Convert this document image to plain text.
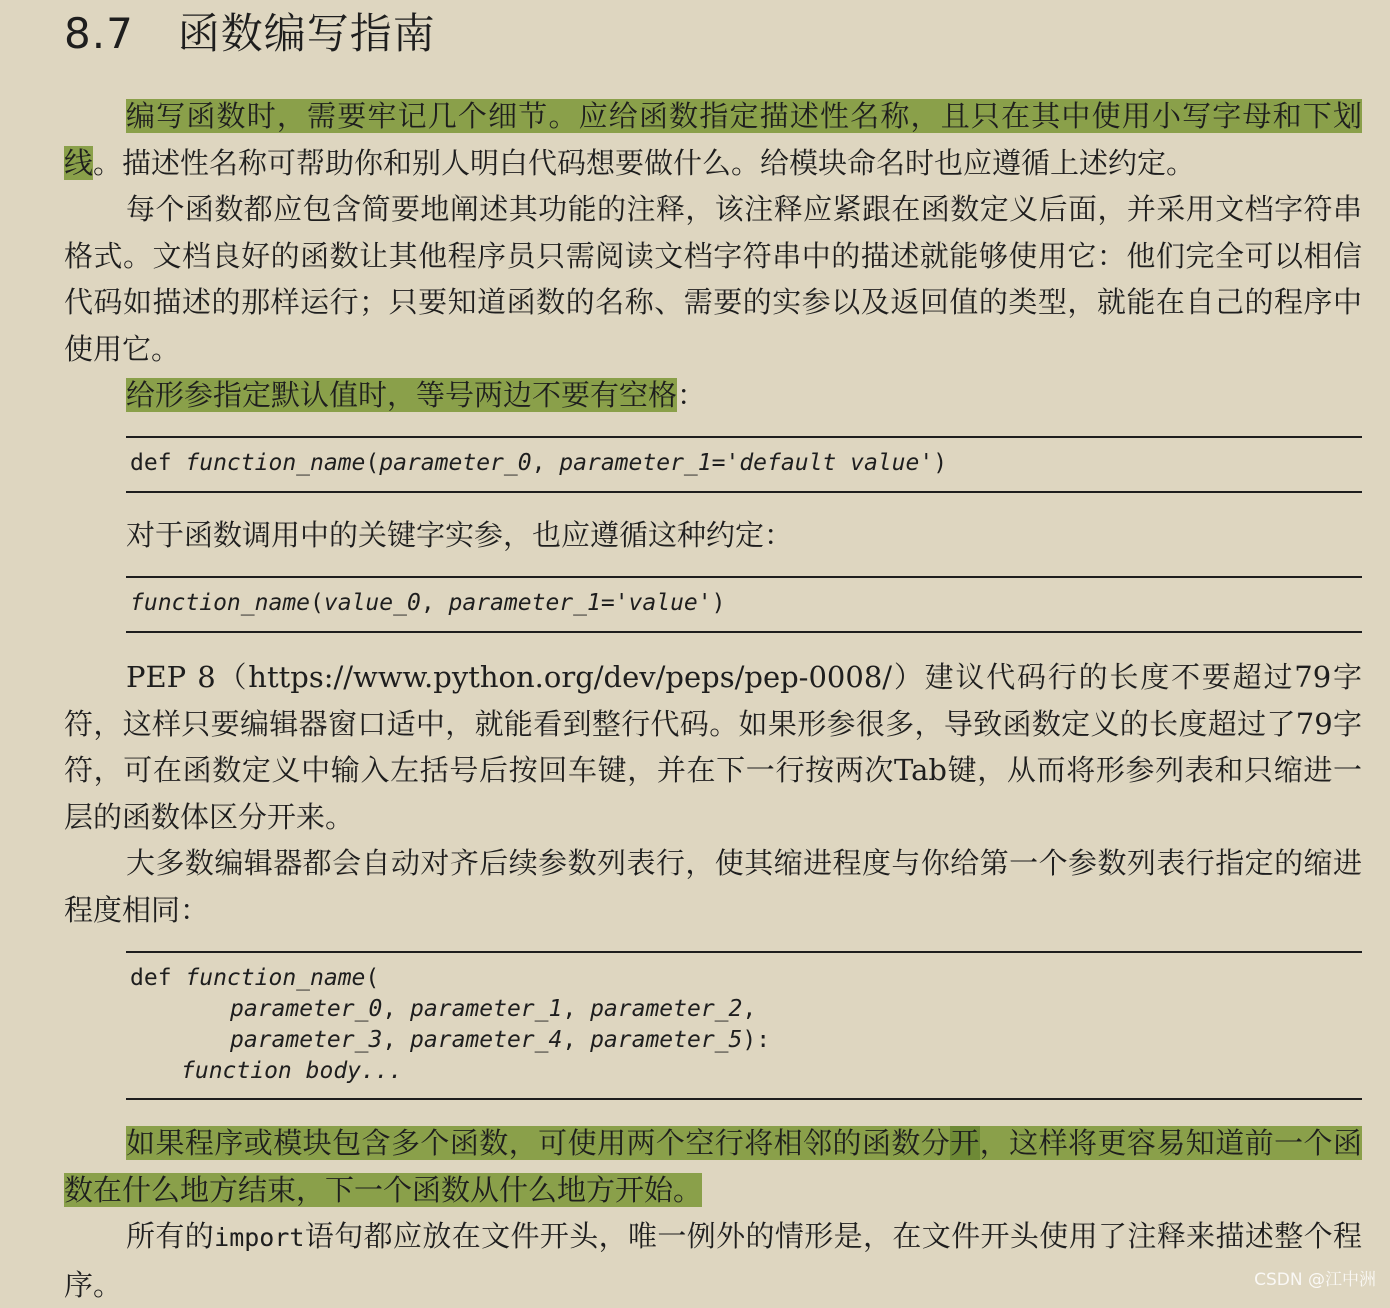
8.7 函数编写指南

编写函数时，需要牢记几个细节。应给函数指定描述性名称，且只在其中使用小写字母和下划线。描述性名称可帮助你和别人明白代码想要做什么。给模块命名时也应遵循上述约定。

每个函数都应包含简要地阐述其功能的注释，该注释应紧跟在函数定义后面，并采用文档字符串格式。文档良好的函数让其他程序员只需阅读文档字符串中的描述就能够使用它：他们完全可以相信代码如描述的那样运行；只要知道函数的名称、需要的实参以及返回值的类型，就能在自己的程序中使用它。

给形参指定默认值时，等号两边不要有空格：

def function_name(parameter_0, parameter_1='default value')

对于函数调用中的关键字实参，也应遵循这种约定：

function_name(value_0, parameter_1='value')

PEP 8（https://www.python.org/dev/peps/pep-0008/）建议代码行的长度不要超过79字符，这样只要编辑器窗口适中，就能看到整行代码。如果形参很多，导致函数定义的长度超过了79字符，可在函数定义中输入左括号后按回车键，并在下一行按两次Tab键，从而将形参列表和只缩进一层的函数体区分开来。

大多数编辑器都会自动对齐后续参数列表行，使其缩进程度与你给第一个参数列表行指定的缩进程度相同：

def function_name(
parameter_0, parameter_1, parameter_2,
parameter_3, parameter_4, parameter_5):
function body...

如果程序或模块包含多个函数，可使用两个空行将相邻的函数分开，这样将更容易知道前一个函数在什么地方结束，下一个函数从什么地方开始。

所有的import语句都应放在文件开头，唯一例外的情形是，在文件开头使用了注释来描述整个程序。	CSDN @江中洲
